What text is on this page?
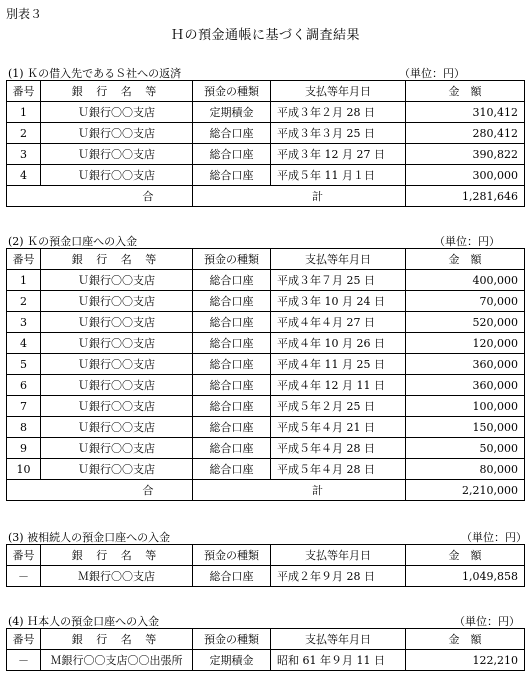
別表３
Ｈの預金通帳に基づく調査結果
(1) Ｋの借入先であるＳ社への返済	（単位：円）
番号	銀 行 名 等	預金の種類	支払等年月日	金　額
1	Ｕ銀行〇〇支店	定期積金	平成３年２月 28 日	310,412
2	Ｕ銀行〇〇支店	総合口座	平成３年３月 25 日	280,412
3	Ｕ銀行〇〇支店	総合口座	平成３年 12 月 27 日	390,822
4	Ｕ銀行〇〇支店	総合口座	平成５年 11 月１日	300,000
合		計		1,281,646
(2) Ｋの預金口座への入金	（単位：円）
番号	銀 行 名 等	預金の種類	支払等年月日	金　額
1	Ｕ銀行〇〇支店	総合口座	平成３年７月 25 日	400,000
2	Ｕ銀行〇〇支店	総合口座	平成３年 10 月 24 日	70,000
3	Ｕ銀行〇〇支店	総合口座	平成４年４月 27 日	520,000
4	Ｕ銀行〇〇支店	総合口座	平成４年 10 月 26 日	120,000
5	Ｕ銀行〇〇支店	総合口座	平成４年 11 月 25 日	360,000
6	Ｕ銀行〇〇支店	総合口座	平成４年 12 月 11 日	360,000
7	Ｕ銀行〇〇支店	総合口座	平成５年２月 25 日	100,000
8	Ｕ銀行〇〇支店	総合口座	平成５年４月 21 日	150,000
9	Ｕ銀行〇〇支店	総合口座	平成５年４月 28 日	50,000
10	Ｕ銀行〇〇支店	総合口座	平成５年４月 28 日	80,000
合		計		2,210,000
(3) 被相続人の預金口座への入金	（単位：円）
番号	銀 行 名 等	預金の種類	支払等年月日	金　額
－	Ｍ銀行〇〇支店	総合口座	平成２年９月 28 日	1,049,858
(4) Ｈ本人の預金口座への入金	（単位：円）
番号	銀 行 名 等	預金の種類	支払等年月日	金　額
－	Ｍ銀行〇〇支店〇〇出張所	定期積金	昭和 61 年９月 11 日	122,210
